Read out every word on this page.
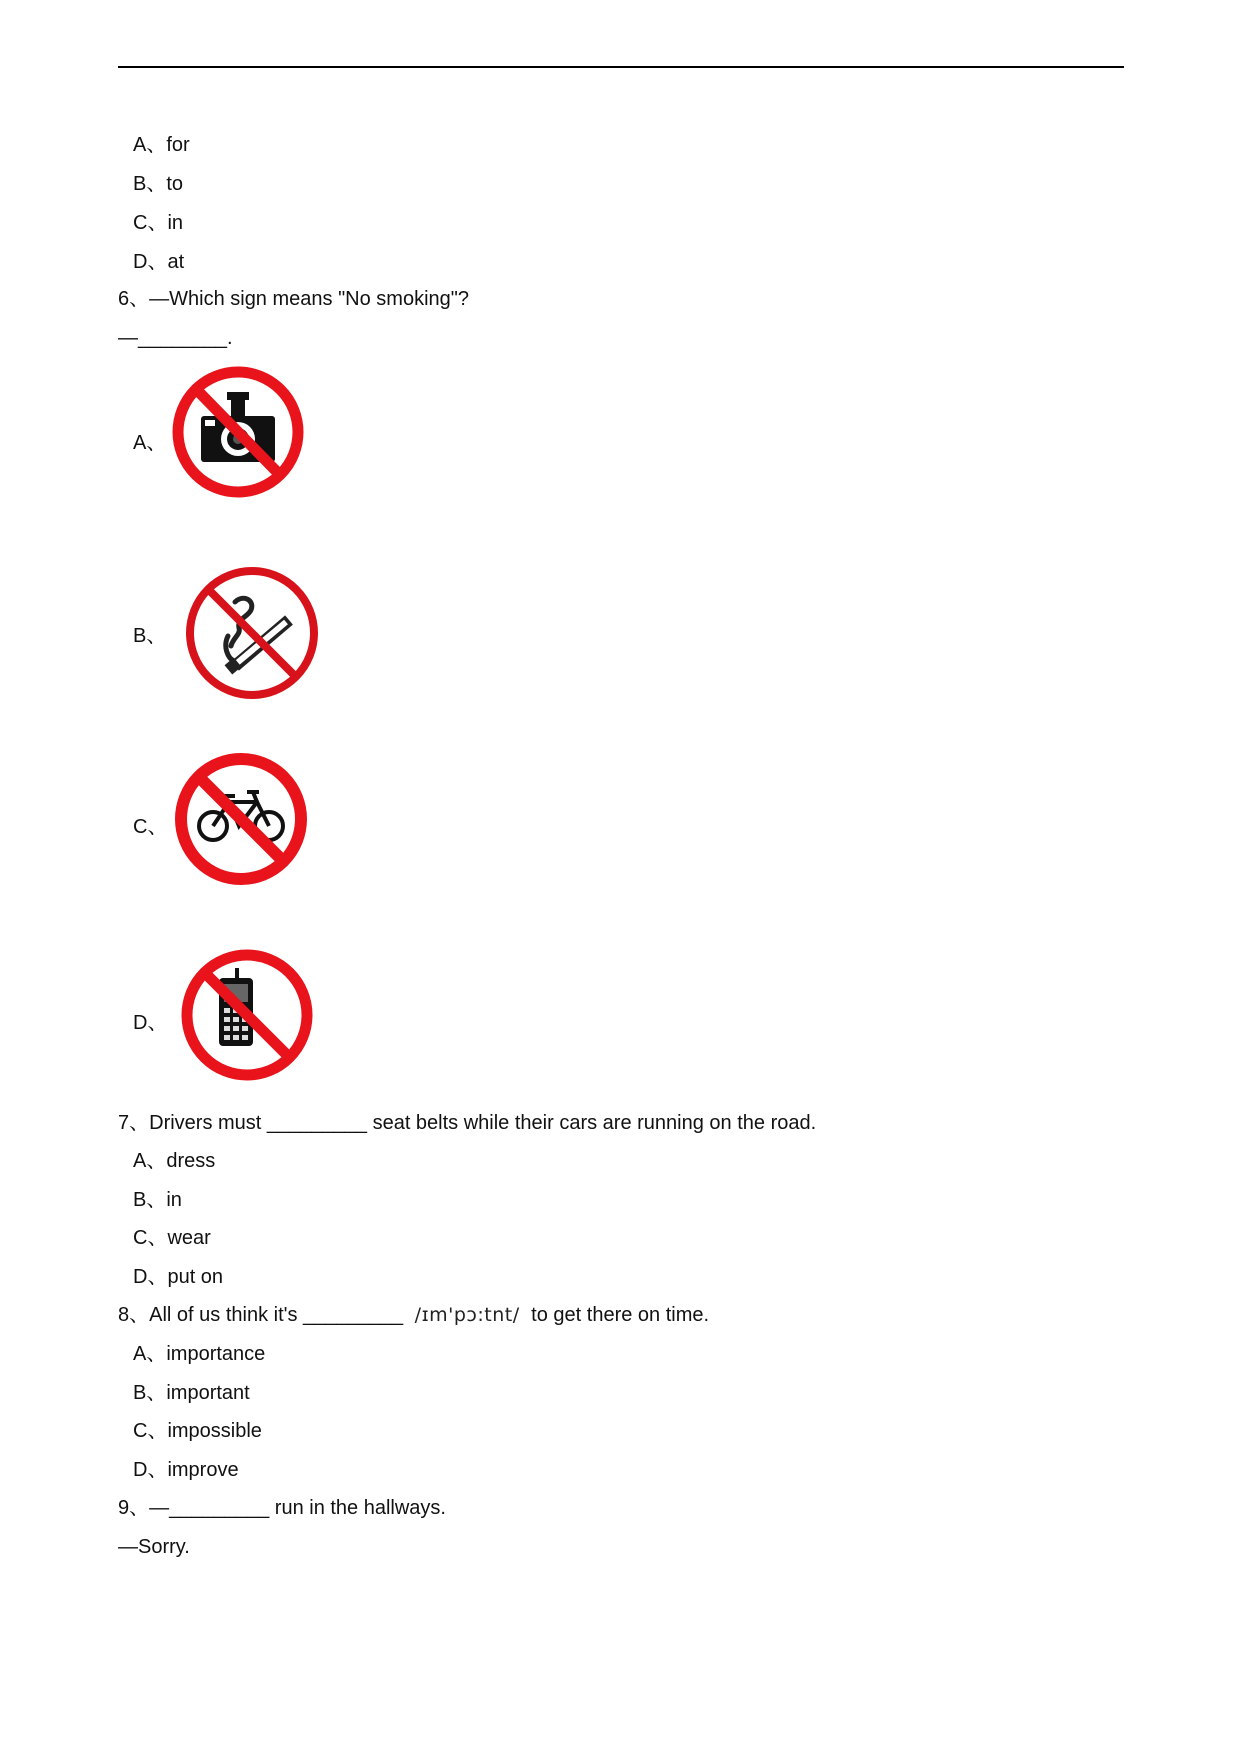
A、for
B、to
C、in
D、at
6、—Which sign means "No smoking"?
—________.
A、
B、
C、
D、
7、Drivers must _________ seat belts while their cars are running on the road.
A、dress
B、in
C、wear
D、put on
8、All of us think it's _________ /ɪm'pɔ:tnt/ to get there on time.
A、importance
B、important
C、impossible
D、improve
9、—_________ run in the hallways.
—Sorry.
